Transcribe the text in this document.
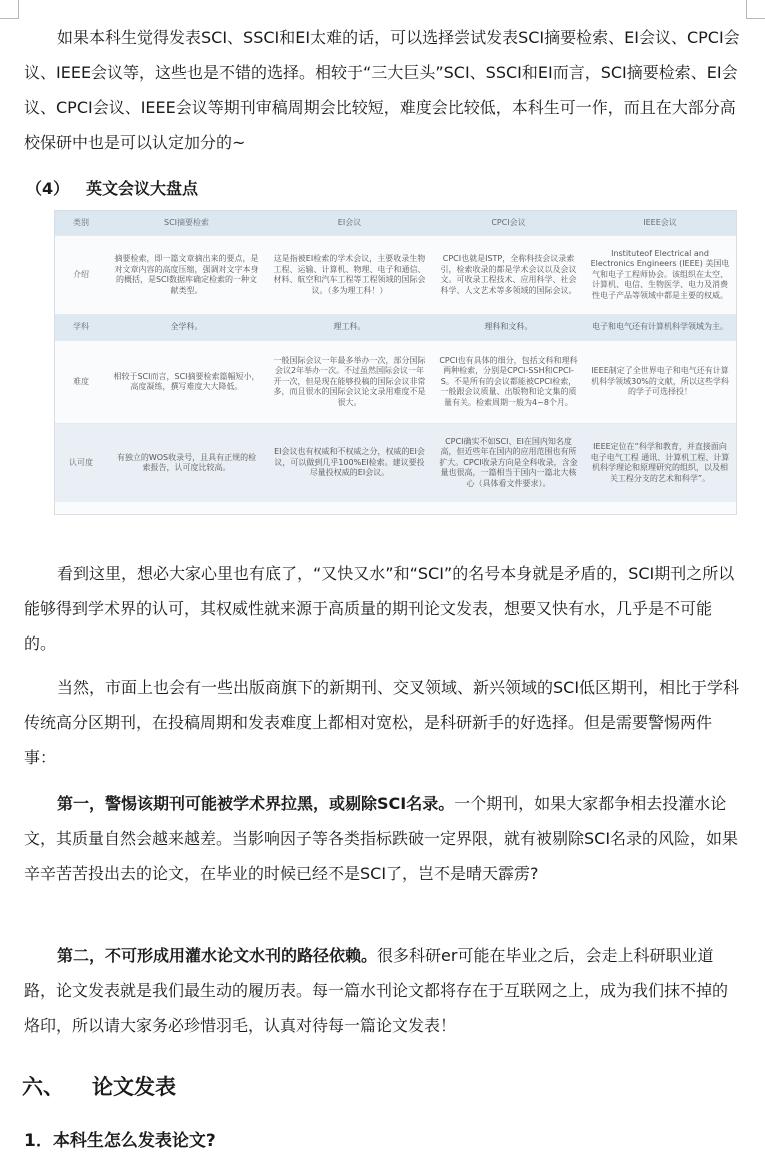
如果本科生觉得发表SCI、SSCI和EI太难的话，可以选择尝试发表SCI摘要检索、EI会议、CPCI会议、IEEE会议等，这些也是不错的选择。相较于“三大巨头”SCI、SSCI和EI而言，SCI摘要检索、EI会议、CPCI会议、IEEE会议等期刊审稿周期会比较短，难度会比较低，本科生可一作，而且在大部分高校保研中也是可以认定加分的~

（4） 英文会议大盘点
类别	SCI摘要检索	EI会议	CPCI会议	IEEE会议
介绍	摘要检索，即一篇文章摘出来的要点，是对文章内容的高度压缩，强调对文字本身的概括，是SCI数据库确定检索的一种文献类型。	这是指被EI检索的学术会议，主要收录生物工程、运输、计算机、物理、电子和通信、材料、航空和汽车工程等工程领域的国际会议。（多为理工科！）	CPCI也就是ISTP，全称科技会议录索引，检索收录的都是学术会议以及会议文。可收录工程技术、应用科学、社会科学、人文艺术等多领域的国际会议。	Instituteof Electrical and Electronics Engineers (IEEE) 美国电气和电子工程师协会。该组织在太空、计算机、电信、生物医学、电力及消费性电子产品等领域中都是主要的权威。
学科	全学科。	理工科。	理科和文科。	电子和电气还有计算机科学领域为主。
难度	相较于SCI而言，SCI摘要检索篇幅短小，高度凝练，撰写难度大大降低。	一般国际会议一年最多举办一次，部分国际会议2年举办一次。不过虽然国际会议一年开一次，但是现在能够投稿的国际会议非常多，而且很水的国际会议论文录用难度不是很大。	CPCI也有具体的细分，包括文科和理科两种检索，分别是CPCI-SSH和CPCI-S。不是所有的会议都能被CPCI检索，一般跟会议质量、出版物和论文集的质量有关。检索周期一般为4~8个月。	IEEE制定了全世界电子和电气还有计算机科学领域30%的文献，所以这些学科的学子可选择投！
认可度	有独立的WOS收录号，且具有正规的检索报告，认可度比较高。	EI会议也有权威和不权威之分，权威的EI会议，可以做到几乎100%EI检索。建议要投尽量投权威的EI会议。	CPCI确实不如SCI、EI在国内知名度高，但近些年在国内的应用范围也有所扩大。CPCI收录方向是全科收录，含金量也很高，一篇相当于国内一篇北大核心（具体看文件要求）。	IEEE定位在“科学和教育，并直接面向电子电气工程 通讯、计算机工程、计算机科学理论和原理研究的组织，以及相关工程分支的艺术和科学”。

看到这里，想必大家心里也有底了，“又快又水”和“SCI”的名号本身就是矛盾的，SCI期刊之所以能够得到学术界的认可，其权威性就来源于高质量的期刊论文发表，想要又快有水，几乎是不可能的。

当然，市面上也会有一些出版商旗下的新期刊、交叉领域、新兴领域的SCI低区期刊，相比于学科传统高分区期刊，在投稿周期和发表难度上都相对宽松，是科研新手的好选择。但是需要警惕两件事：

第一，警惕该期刊可能被学术界拉黑，或剔除SCI名录。一个期刊，如果大家都争相去投灌水论文，其质量自然会越来越差。当影响因子等各类指标跌破一定界限，就有被剔除SCI名录的风险，如果辛辛苦苦投出去的论文，在毕业的时候已经不是SCI了，岂不是晴天霹雳?

第二，不可形成用灌水论文水刊的路径依赖。很多科研er可能在毕业之后，会走上科研职业道路，论文发表就是我们最生动的履历表。每一篇水刊论文都将存在于互联网之上，成为我们抹不掉的烙印，所以请大家务必珍惜羽毛，认真对待每一篇论文发表！

六、 论文发表
1．本科生怎么发表论文?
